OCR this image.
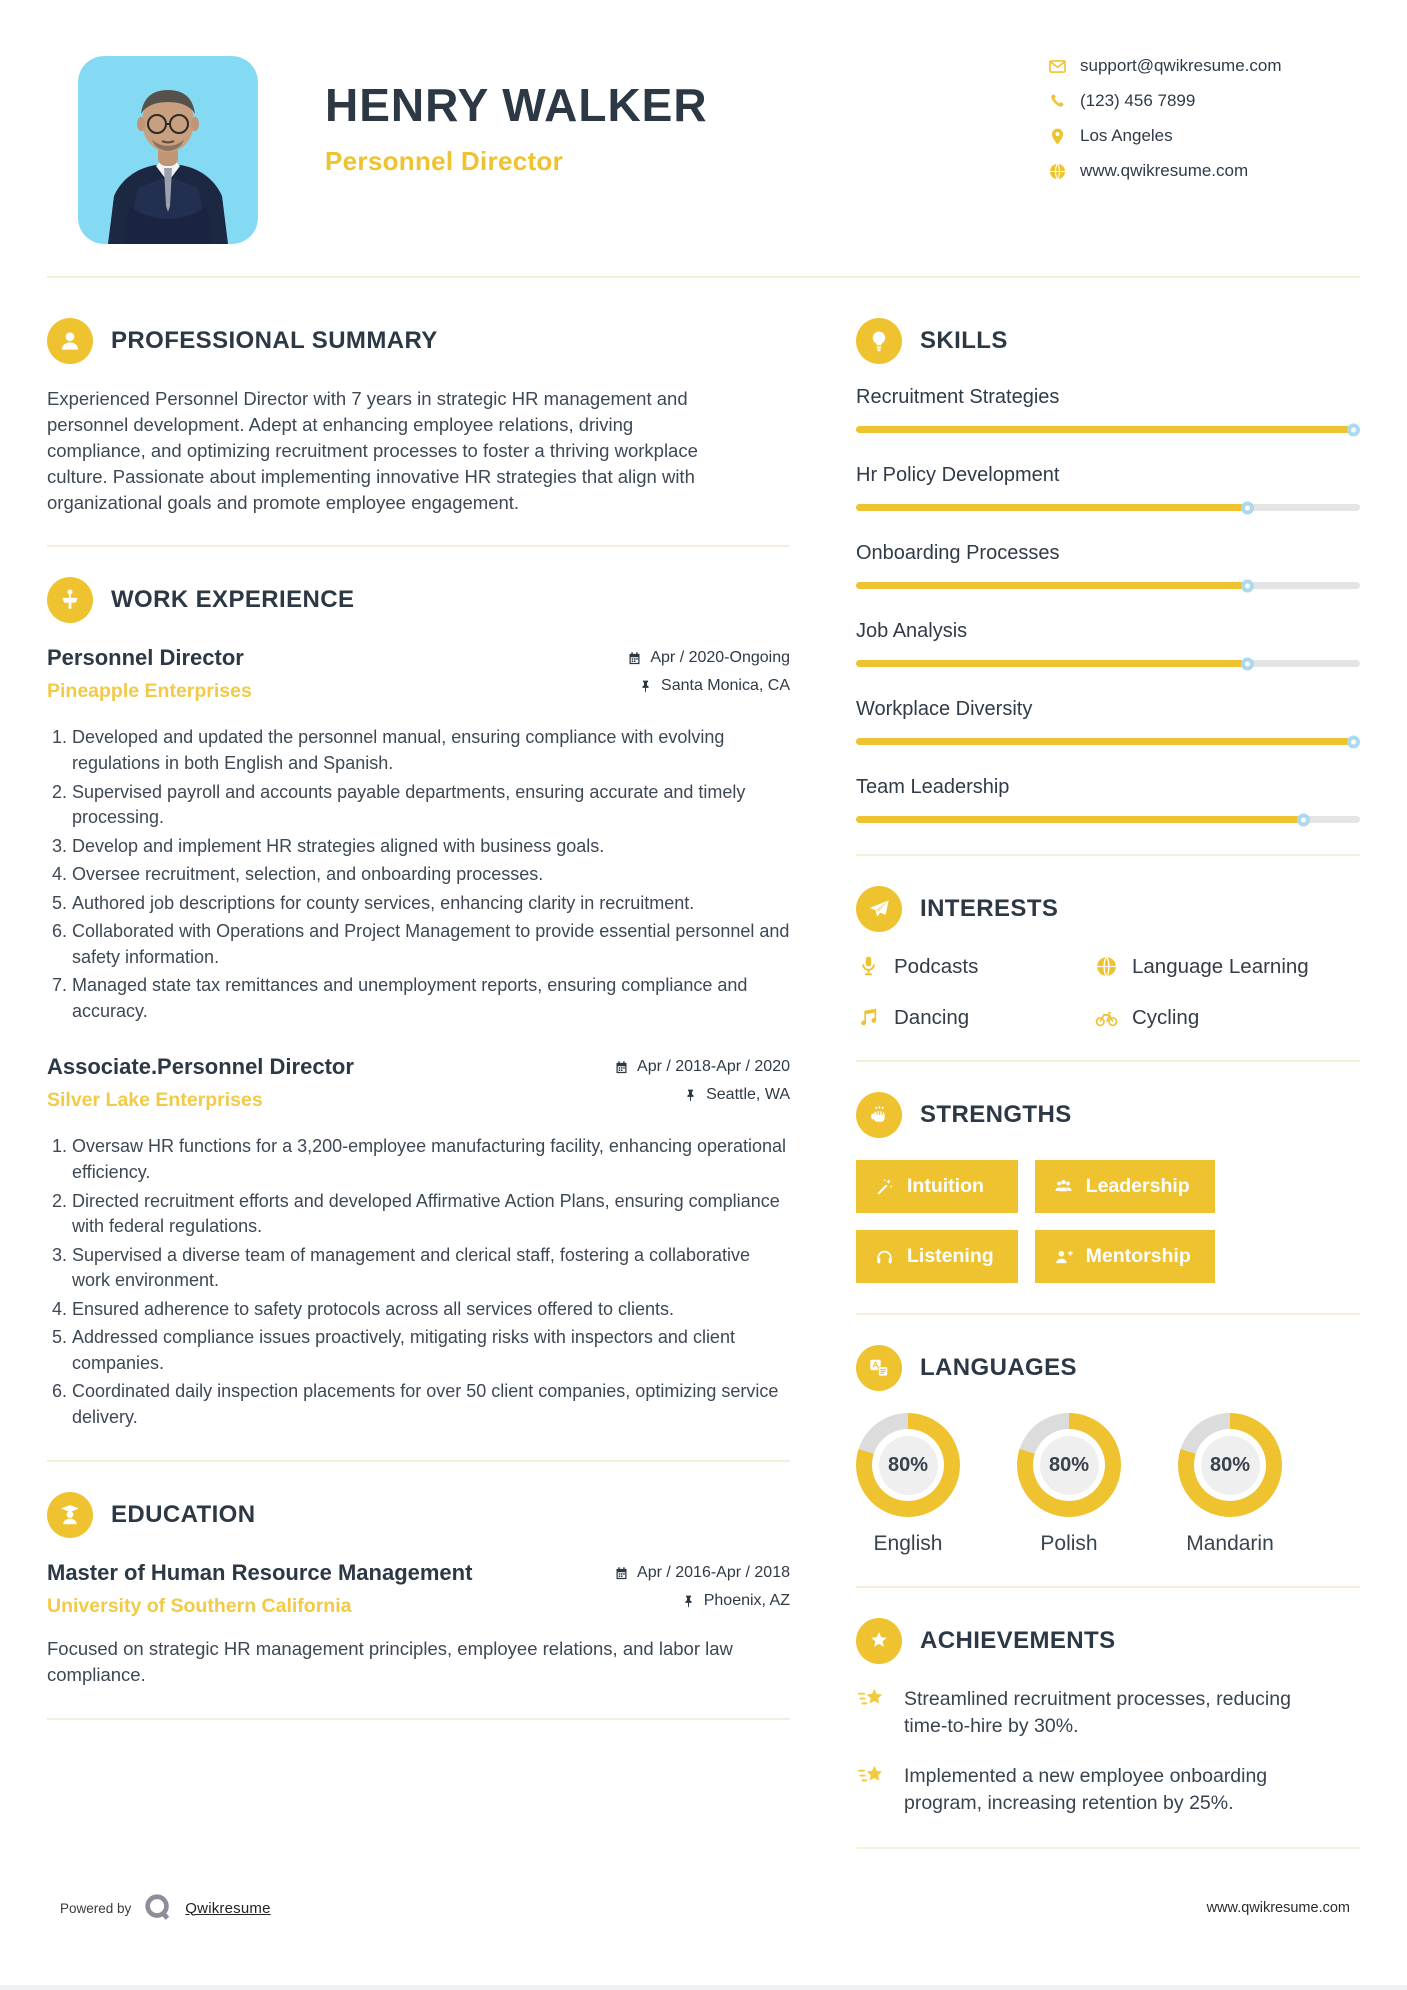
HENRY WALKER
Personnel Director
support@qwikresume.com
(123) 456 7899
Los Angeles
www.qwikresume.com
PROFESSIONAL SUMMARY

Experienced Personnel Director with 7 years in strategic HR management and personnel development. Adept at enhancing employee relations, driving compliance, and optimizing recruitment processes to foster a thriving workplace culture. Passionate about implementing innovative HR strategies that align with organizational goals and promote employee engagement.

WORK EXPERIENCE
Personnel Director
Pineapple Enterprises
Apr / 2020-Ongoing
Santa Monica, CA
1. Developed and updated the personnel manual, ensuring compliance with evolving regulations in both English and Spanish.
2. Supervised payroll and accounts payable departments, ensuring accurate and timely processing.
3. Develop and implement HR strategies aligned with business goals.
4. Oversee recruitment, selection, and onboarding processes.
5. Authored job descriptions for county services, enhancing clarity in recruitment.
6. Collaborated with Operations and Project Management to provide essential personnel and safety information.
7. Managed state tax remittances and unemployment reports, ensuring compliance and accuracy.
Associate.Personnel Director
Silver Lake Enterprises
Apr / 2018-Apr / 2020
Seattle, WA
1. Oversaw HR functions for a 3,200-employee manufacturing facility, enhancing operational efficiency.
2. Directed recruitment efforts and developed Affirmative Action Plans, ensuring compliance with federal regulations.
3. Supervised a diverse team of management and clerical staff, fostering a collaborative work environment.
4. Ensured adherence to safety protocols across all services offered to clients.
5. Addressed compliance issues proactively, mitigating risks with inspectors and client companies.
6. Coordinated daily inspection placements for over 50 client companies, optimizing service delivery.
EDUCATION
Master of Human Resource Management
University of Southern California
Apr / 2016-Apr / 2018
Phoenix, AZ

Focused on strategic HR management principles, employee relations, and labor law compliance.

SKILLS
Recruitment Strategies
Hr Policy Development
Onboarding Processes
Job Analysis
Workplace Diversity
Team Leadership
INTERESTS
Podcasts	Language Learning
Dancing	Cycling
STRENGTHS
Intuition	Leadership
Listening	Mentorship
A LANGUAGES
80%
English
80%
Polish
80%
Mandarin
ACHIEVEMENTS
Streamlined recruitment processes, reducing time-to-hire by 30%.
Implemented a new employee onboarding program, increasing retention by 25%.
Powered by	Qwikresume	www.qwikresume.com
